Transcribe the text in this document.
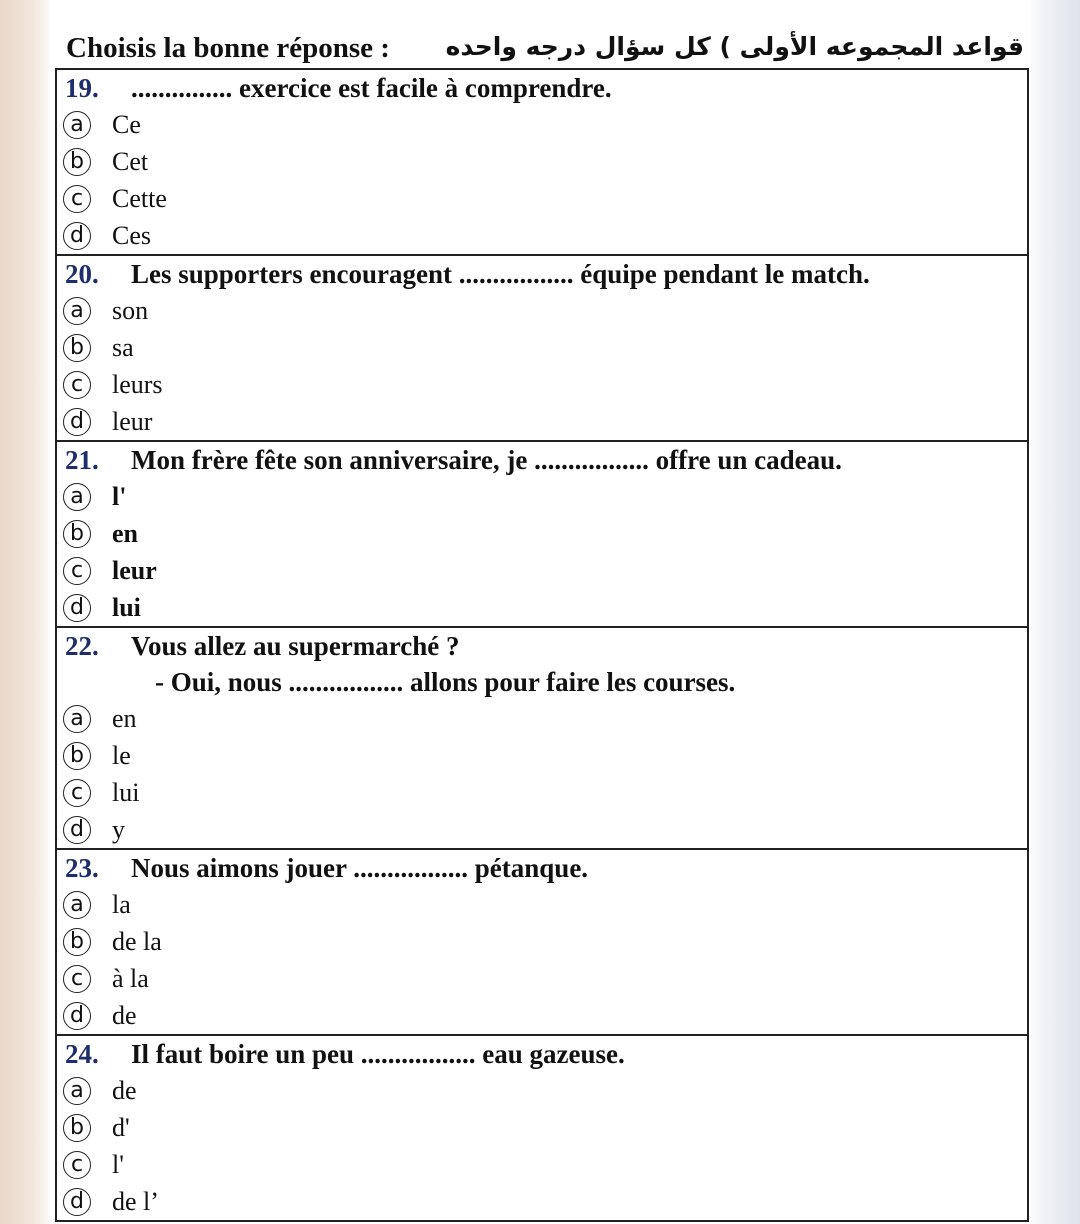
Choisis la bonne réponse : قواعد المجموعه الأولى ) كل سؤال درجه واحده
19. ............... exercice est facile à comprendre.
a Ce
b Cet
c	Cette
d Ces
20. Les supporters encouragent ................. équipe pendant le match.
a son
b sa
c	leurs
d leur
21. Mon frère fête son anniversaire, je ................. offre un cadeau.
a l'
b en
c	leur
d lui
22. Vous allez au supermarché ?
- Oui, nous ................. allons pour faire les courses.
a en
b le
c	lui
d y
23. Nous aimons jouer ................. pétanque.
a la
b de la
c	à la
d de
24. Il faut boire un peu ................. eau gazeuse.
a de
b d'
c	l'
d de l’
